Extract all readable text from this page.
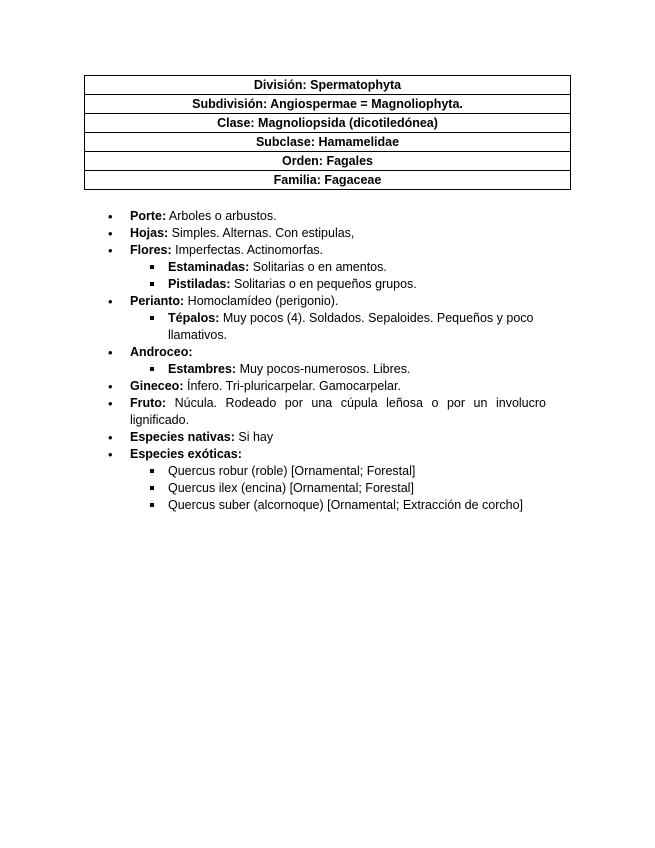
División: Spermatophyta
Subdivisión: Angiospermae = Magnoliophyta.
Clase: Magnoliopsida (dicotiledónea)
Subclase: Hamamelidae
Orden: Fagales
Familia: Fagaceae
• Porte: Arboles o arbustos.
• Hojas: Simples. Alternas. Con estipulas,
• Flores: Imperfectas. Actinomorfas.
Estaminadas: Solitarias o en amentos.
Pistiladas: Solitarias o en pequeños grupos.
• Perianto: Homoclamídeo (perigonio).
Tépalos: Muy pocos (4). Soldados. Sepaloides. Pequeños y poco llamativos.
• Androceo:
Estambres: Muy pocos-numerosos. Libres.
• Gineceo: Ínfero. Tri-pluricarpelar. Gamocarpelar.
• Fruto: Núcula. Rodeado por una cúpula leñosa o por un involucro lignificado.
• Especies nativas: Si hay
• Especies exóticas:
Quercus robur (roble) [Ornamental; Forestal]
Quercus ilex (encina) [Ornamental; Forestal]
Quercus suber (alcornoque) [Ornamental; Extracción de corcho]
